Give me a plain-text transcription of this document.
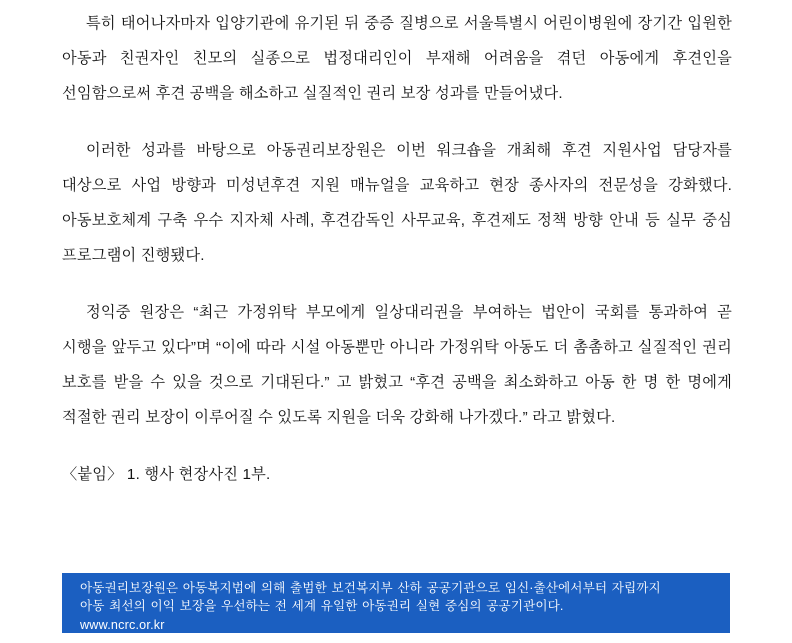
특히 태어나자마자 입양기관에 유기된 뒤 중증 질병으로 서울특별시 어린이병원에 장기간 입원한 아동과 친권자인 친모의 실종으로 법정대리인이 부재해 어려움을 겪던 아동에게 후견인을 선임함으로써 후견 공백을 해소하고 실질적인 권리 보장 성과를 만들어냈다.

이러한 성과를 바탕으로 아동권리보장원은 이번 워크숍을 개최해 후견 지원사업 담당자를 대상으로 사업 방향과 미성년후견 지원 매뉴얼을 교육하고 현장 종사자의 전문성을 강화했다. 아동보호체계 구축 우수 지자체 사례, 후견감독인 사무교육, 후견제도 정책 방향 안내 등 실무 중심 프로그램이 진행됐다.

정익중 원장은 “최근 가정위탁 부모에게 일상대리권을 부여하는 법안이 국회를 통과하여 곧 시행을 앞두고 있다”며 “이에 따라 시설 아동뿐만 아니라 가정위탁 아동도 더 촘촘하고 실질적인 권리 보호를 받을 수 있을 것으로 기대된다.” 고 밝혔고 “후견 공백을 최소화하고 아동 한 명 한 명에게 적절한 권리 보장이 이루어질 수 있도록 지원을 더욱 강화해 나가겠다.” 라고 밝혔다.

〈붙임〉 1. 행사 현장사진 1부.

아동권리보장원은 아동복지법에 의해 출범한 보건복지부 산하 공공기관으로 임신·출산에서부터 자립까지
아동 최선의 이익 보장을 우선하는 전 세계 유일한 아동권리 실현 중심의 공공기관이다.
www.ncrc.or.kr
